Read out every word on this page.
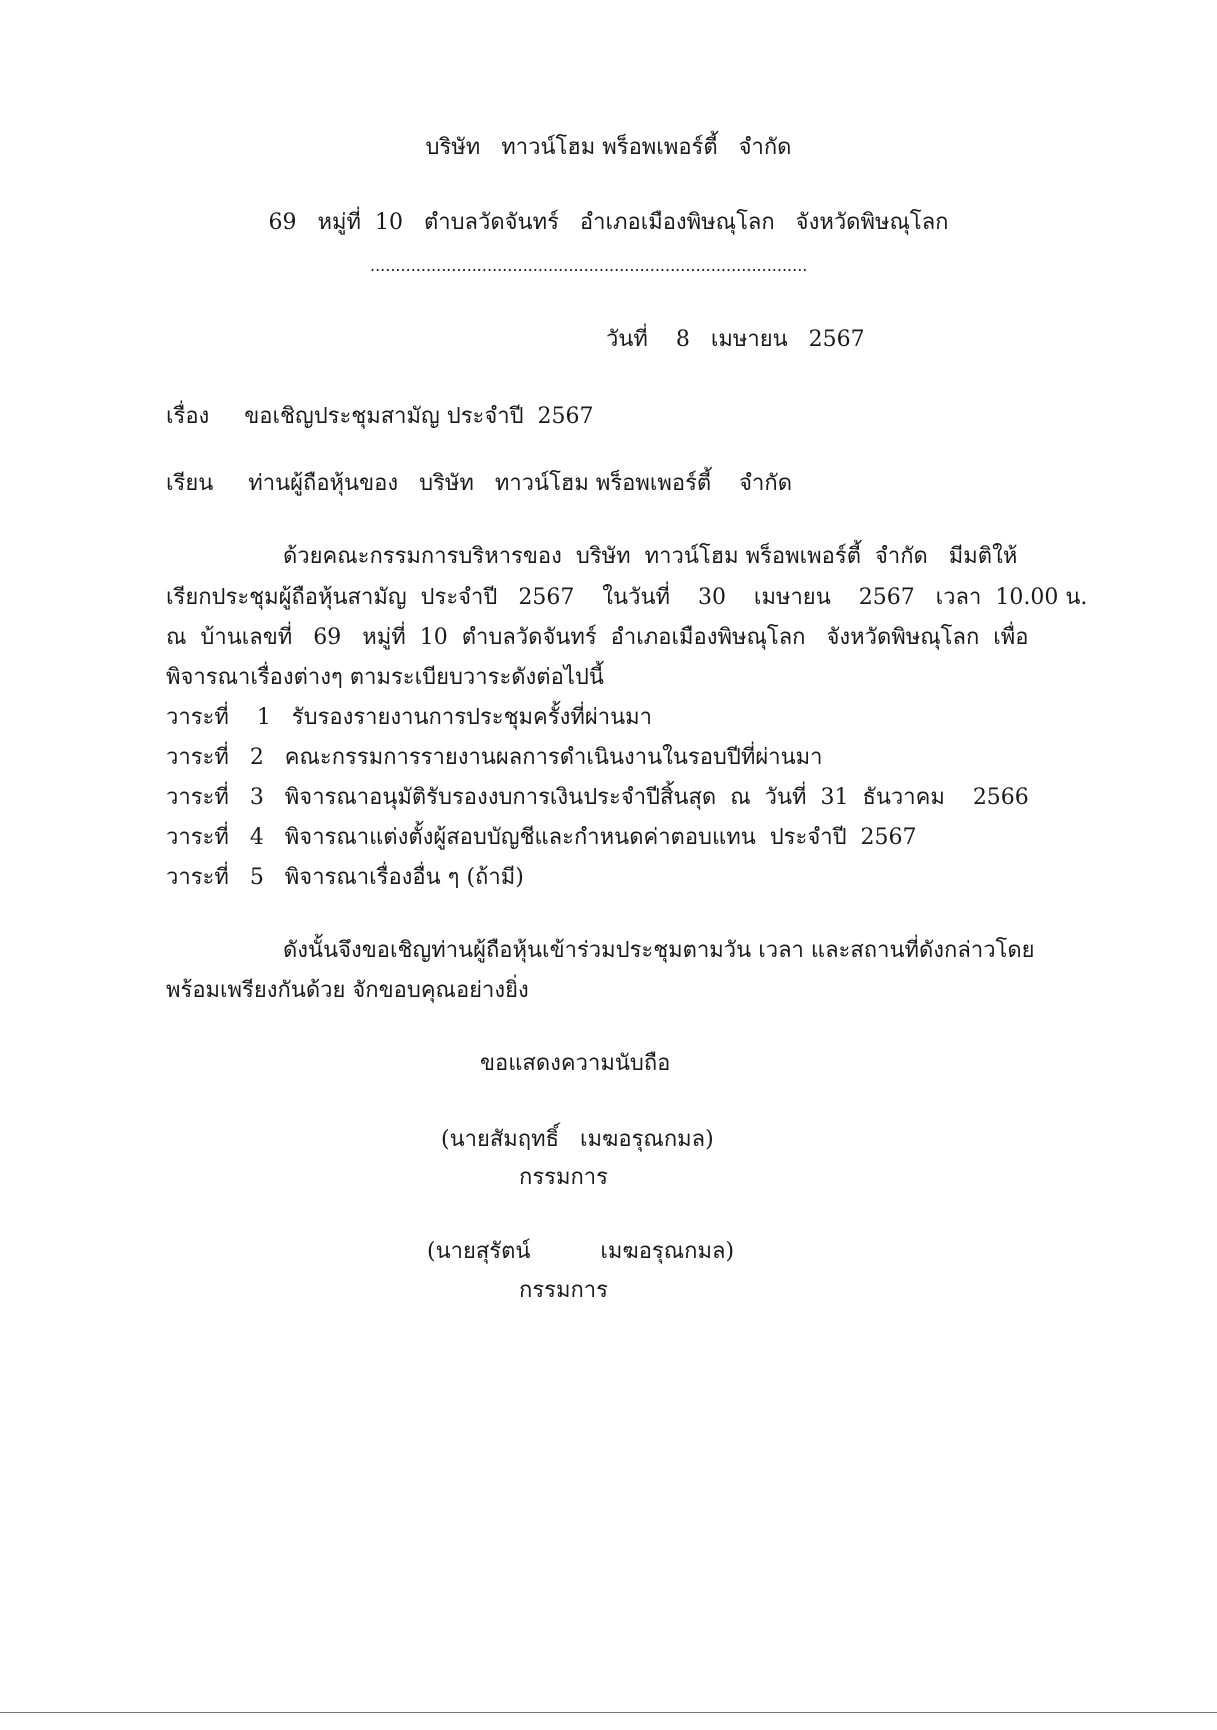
บริษัท   ทาวน์โฮม พร็อพเพอร์ตี้   จำกัด
69   หมู่ที่  10   ตำบลวัดจันทร์   อำเภอเมืองพิษณุโลก   จังหวัดพิษณุโลก
......................................................................................
วันที่    8   เมษายน   2567
เรื่อง     ขอเชิญประชุมสามัญ ประจำปี  2567
เรียน     ท่านผู้ถือหุ้นของ   บริษัท   ทาวน์โฮม พร็อพเพอร์ตี้    จำกัด
ด้วยคณะกรรมการบริหารของ  บริษัท  ทาวน์โฮม พร็อพเพอร์ตี้  จำกัด   มีมติให้
เรียกประชุมผู้ถือหุ้นสามัญ  ประจำปี   2567    ในวันที่    30    เมษายน    2567   เวลา  10.00 น.
ณ  บ้านเลขที่   69   หมู่ที่  10  ตำบลวัดจันทร์  อำเภอเมืองพิษณุโลก   จังหวัดพิษณุโลก  เพื่อ
พิจารณาเรื่องต่างๆ ตามระเบียบวาระดังต่อไปนี้
วาระที่    1   รับรองรายงานการประชุมครั้งที่ผ่านมา
วาระที่   2   คณะกรรมการรายงานผลการดำเนินงานในรอบปีที่ผ่านมา
วาระที่   3   พิจารณาอนุมัติรับรองงบการเงินประจำปีสิ้นสุด  ณ  วันที่  31  ธันวาคม    2566
วาระที่   4   พิจารณาแต่งตั้งผู้สอบบัญชีและกำหนดค่าตอบแทน  ประจำปี  2567
วาระที่   5   พิจารณาเรื่องอื่น ๆ (ถ้ามี)
ดังนั้นจึงขอเชิญท่านผู้ถือหุ้นเข้าร่วมประชุมตามวัน เวลา และสถานที่ดังกล่าวโดย
พร้อมเพรียงกันด้วย จักขอบคุณอย่างยิ่ง
ขอแสดงความนับถือ
(นายสัมฤทธิ์   เมฆอรุณกมล)
กรรมการ
(นายสุรัตน์          เมฆอรุณกมล)
กรรมการ
